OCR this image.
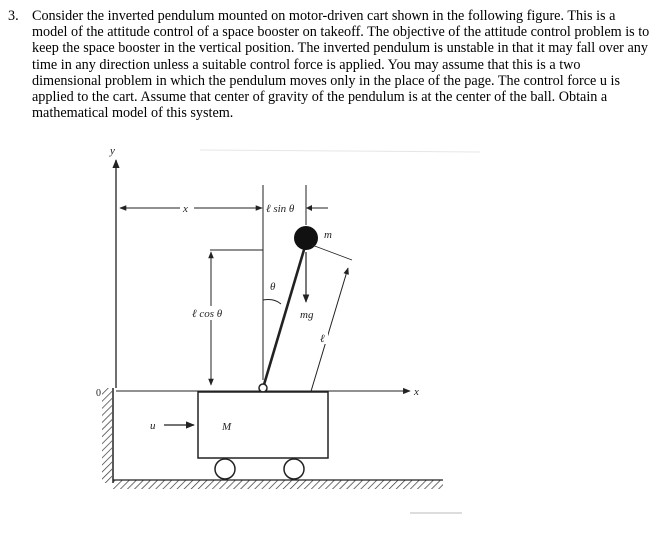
3. Consider the inverted pendulum mounted on motor-driven cart shown in the following figure. This is a model of the attitude control of a space booster on takeoff. The objective of the attitude control problem is to keep the space booster in the vertical position. The inverted pendulum is unstable in that it may fall over any time in any direction unless a suitable control force is applied. You may assume that this is a two dimensional problem in which the pendulum moves only in the place of the page. The control force u is applied to the cart. Assume that center of gravity of the pendulum is at the center of the ball. Obtain a mathematical model of this system.

y
x
0
x	ℓ sin θ
ℓ cos θ
θ
m
mg
ℓ
M
u
